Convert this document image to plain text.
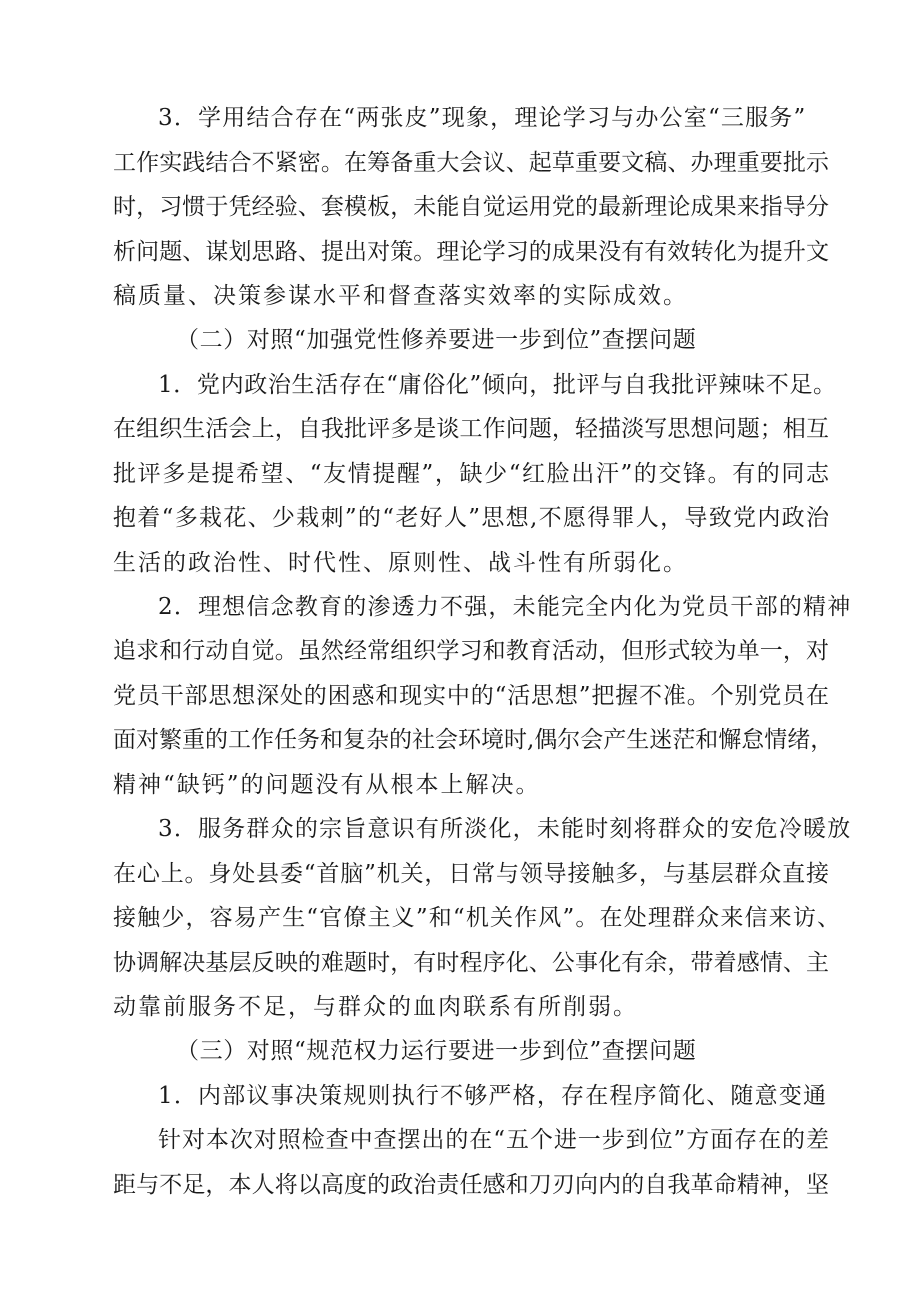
3．学用结合存在“两张皮”现象，理论学习与办公室“三服务”

工作实践结合不紧密。在筹备重大会议、起草重要文稿、办理重要批示

时，习惯于凭经验、套模板，未能自觉运用党的最新理论成果来指导分

析问题、谋划思路、提出对策。理论学习的成果没有有效转化为提升文

稿质量、决策参谋水平和督查落实效率的实际成效。

（二）对照“加强党性修养要进一步到位”查摆问题

1．党内政治生活存在“庸俗化”倾向，批评与自我批评辣味不足。

在组织生活会上，自我批评多是谈工作问题，轻描淡写思想问题；相互

批评多是提希望、“友情提醒”，缺少“红脸出汗”的交锋。有的同志

抱着“多栽花、少栽刺”的“老好人”思想,不愿得罪人，导致党内政治

生活的政治性、时代性、原则性、战斗性有所弱化。

2．理想信念教育的渗透力不强，未能完全内化为党员干部的精神

追求和行动自觉。虽然经常组织学习和教育活动，但形式较为单一，对

党员干部思想深处的困惑和现实中的“活思想”把握不准。个别党员在

面对繁重的工作任务和复杂的社会环境时,偶尔会产生迷茫和懈怠情绪，

精神“缺钙”的问题没有从根本上解决。

3．服务群众的宗旨意识有所淡化，未能时刻将群众的安危冷暖放

在心上。身处县委“首脑”机关，日常与领导接触多，与基层群众直接

接触少，容易产生“官僚主义”和“机关作风”。在处理群众来信来访、

协调解决基层反映的难题时，有时程序化、公事化有余，带着感情、主

动靠前服务不足，与群众的血肉联系有所削弱。

（三）对照“规范权力运行要进一步到位”查摆问题

1．内部议事决策规则执行不够严格，存在程序简化、随意变通

针对本次对照检查中查摆出的在“五个进一步到位”方面存在的差

距与不足，本人将以高度的政治责任感和刀刃向内的自我革命精神，坚
